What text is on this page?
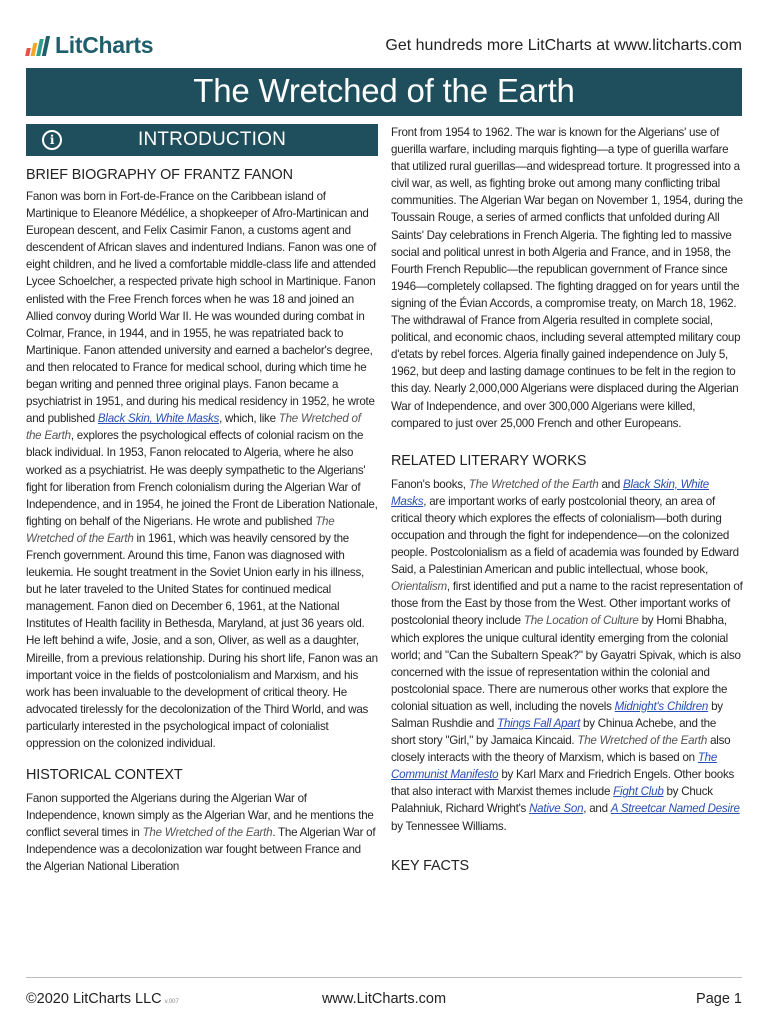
LitCharts	Get hundreds more LitCharts at www.litcharts.com
The Wretched of the Earth
i	INTRODUCTION
BRIEF BIOGRAPHY OF FRANTZ FANON

Fanon was born in Fort-de-France on the Caribbean island of Martinique to Eleanore Médélice, a shopkeeper of Afro-Martinican and European descent, and Felix Casimir Fanon, a customs agent and descendent of African slaves and indentured Indians. Fanon was one of eight children, and he lived a comfortable middle-class life and attended Lycee Schoelcher, a respected private high school in Martinique. Fanon enlisted with the Free French forces when he was 18 and joined an Allied convoy during World War II. He was wounded during combat in Colmar, France, in 1944, and in 1955, he was repatriated back to Martinique. Fanon attended university and earned a bachelor's degree, and then relocated to France for medical school, during which time he began writing and penned three original plays. Fanon became a psychiatrist in 1951, and during his medical residency in 1952, he wrote and published Black Skin, White Masks, which, like The Wretched of the Earth, explores the psychological effects of colonial racism on the black individual. In 1953, Fanon relocated to Algeria, where he also worked as a psychiatrist. He was deeply sympathetic to the Algerians' fight for liberation from French colonialism during the Algerian War of Independence, and in 1954, he joined the Front de Liberation Nationale, fighting on behalf of the Nigerians. He wrote and published The Wretched of the Earth in 1961, which was heavily censored by the French government. Around this time, Fanon was diagnosed with leukemia. He sought treatment in the Soviet Union early in his illness, but he later traveled to the United States for continued medical management. Fanon died on December 6, 1961, at the National Institutes of Health facility in Bethesda, Maryland, at just 36 years old. He left behind a wife, Josie, and a son, Oliver, as well as a daughter, Mireille, from a previous relationship. During his short life, Fanon was an important voice in the fields of postcolonialism and Marxism, and his work has been invaluable to the development of critical theory. He advocated tirelessly for the decolonization of the Third World, and was particularly interested in the psychological impact of colonialist oppression on the colonized individual.

HISTORICAL CONTEXT

Fanon supported the Algerians during the Algerian War of Independence, known simply as the Algerian War, and he mentions the conflict several times in The Wretched of the Earth. The Algerian War of Independence was a decolonization war fought between France and the Algerian National Liberation

Front from 1954 to 1962. The war is known for the Algerians' use of guerilla warfare, including marquis fighting—a type of guerilla warfare that utilized rural guerillas—and widespread torture. It progressed into a civil war, as well, as fighting broke out among many conflicting tribal communities. The Algerian War began on November 1, 1954, during the Toussain Rouge, a series of armed conflicts that unfolded during All Saints' Day celebrations in French Algeria. The fighting led to massive social and political unrest in both Algeria and France, and in 1958, the Fourth French Republic—the republican government of France since 1946—completely collapsed. The fighting dragged on for years until the signing of the Évian Accords, a compromise treaty, on March 18, 1962. The withdrawal of France from Algeria resulted in complete social, political, and economic chaos, including several attempted military coup d'etats by rebel forces. Algeria finally gained independence on July 5, 1962, but deep and lasting damage continues to be felt in the region to this day. Nearly 2,000,000 Algerians were displaced during the Algerian War of Independence, and over 300,000 Algerians were killed, compared to just over 25,000 French and other Europeans.

RELATED LITERARY WORKS

Fanon's books, The Wretched of the Earth and Black Skin, White Masks, are important works of early postcolonial theory, an area of critical theory which explores the effects of colonialism—both during occupation and through the fight for independence—on the colonized people. Postcolonialism as a field of academia was founded by Edward Said, a Palestinian American and public intellectual, whose book, Orientalism, first identified and put a name to the racist representation of those from the East by those from the West. Other important works of postcolonial theory include The Location of Culture by Homi Bhabha, which explores the unique cultural identity emerging from the colonial world; and "Can the Subaltern Speak?" by Gayatri Spivak, which is also concerned with the issue of representation within the colonial and postcolonial space. There are numerous other works that explore the colonial situation as well, including the novels Midnight's Children by Salman Rushdie and Things Fall Apart by Chinua Achebe, and the short story "Girl," by Jamaica Kincaid. The Wretched of the Earth also closely interacts with the theory of Marxism, which is based on The Communist Manifesto by Karl Marx and Friedrich Engels. Other books that also interact with Marxist themes include Fight Club by Chuck Palahniuk, Richard Wright's Native Son, and A Streetcar Named Desire by Tennessee Williams.

KEY FACTS
©2020 LitCharts LLC v.007	www.LitCharts.com	Page 1
